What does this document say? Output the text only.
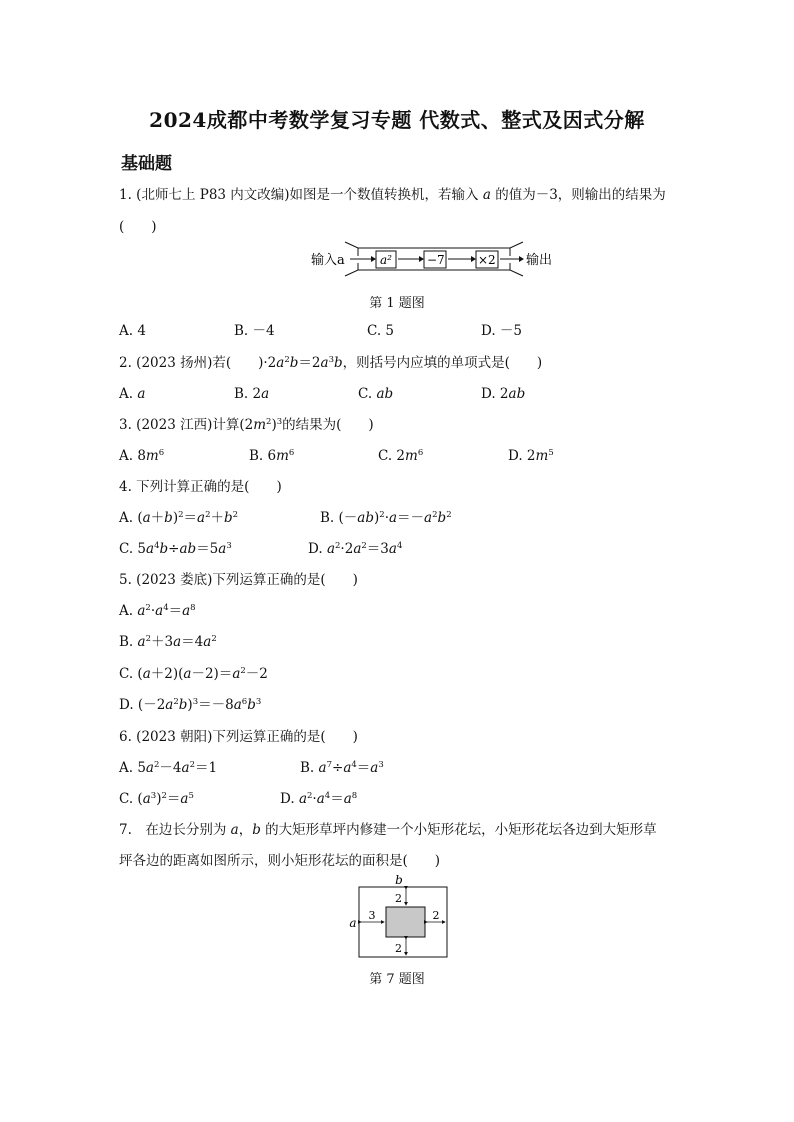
2024成都中考数学复习专题 代数式、整式及因式分解
基础题
1. (北师七上 P83 内文改编)如图是一个数值转换机，若输入 a 的值为－3，则输出的结果为
(　　)
输入a	a²	−7	×2 输出
第 1 题图
A. 4	B. －4	C. 5	D. －5
2. (2023 扬州)若(　　)$\cdot 2a^2b=2a^3b$，则括号内应填的单项式是(　　)
A. a	B. 2a	C. ab	D. 2ab
3. (2023 江西)计算$(2m^2)^3$的结果为(　　)
A. $8m^6$	B. $6m^6$	C. $2m^6$	D. $2m^5$
4. 下列计算正确的是(　　)
A. $(a+b)^2=a^2+b^2$	B. $(-ab)^2\cdot a=-a^2b^2$
C. $5a^4b\div ab=5a^3$	D. $a^2\cdot 2a^2=3a^4$
5. (2023 娄底)下列运算正确的是(　　)
A. $a^2\cdot a^4=a^8$
B. $a^2+3a=4a^2$
C. $(a+2)(a-2)=a^2-2$
D. $(-2a^2b)^3=-8a^6b^3$
6. (2023 朝阳)下列运算正确的是(　　)
A. $5a^2-4a^2=1$	B. $a^7\div a^4=a^3$
C. $(a^3)^2=a^5$	D. $a^2\cdot a^4=a^8$
7.　在边长分别为 a，b 的大矩形草坪内修建一个小矩形花坛，小矩形花坛各边到大矩形草
坪各边的距离如图所示，则小矩形花坛的面积是(　　)
b
a
2
3	2
2
第 7 题图
